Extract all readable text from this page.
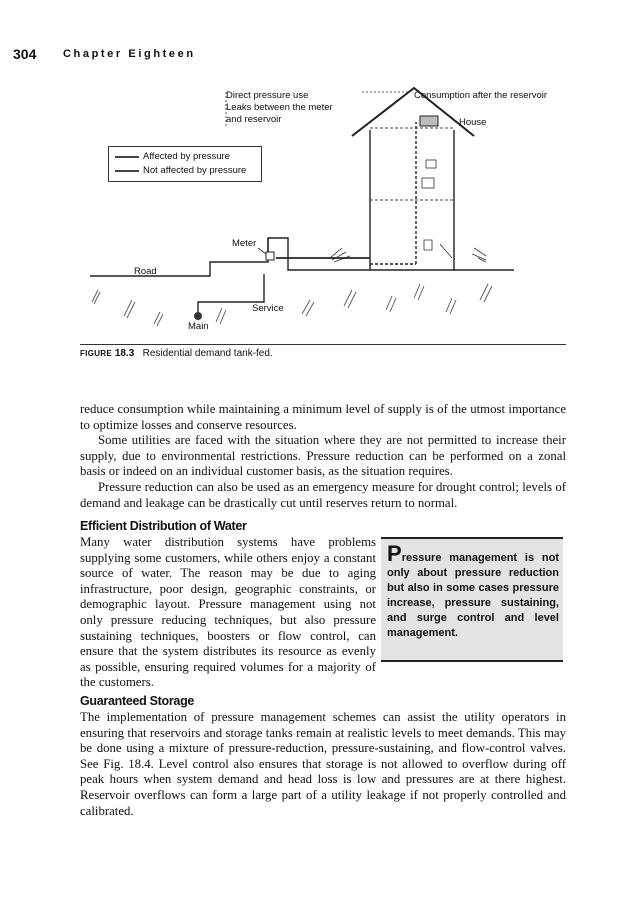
304 Chapter Eighteen
Direct pressure use
Leaks between the meter
and reservoir
Consumption after the reservoir
House
Meter
Road
Service
Main
Affected by pressure
Not affected by pressure
FIGURE 18.3 Residential demand tank-fed.

reduce consumption while maintaining a minimum level of supply is of the utmost importance to optimize losses and conserve resources.

Some utilities are faced with the situation where they are not permitted to increase their supply, due to environmental restrictions. Pressure reduction can be performed on a zonal basis or indeed on an individual customer basis, as the situation requires.

Pressure reduction can also be used as an emergency measure for drought control; levels of demand and leakage can be drastically cut until reserves return to normal.

Efficient Distribution of Water
Many water distribution systems have problems supplying some customers, while others enjoy a constant source of water. The reason may be due to aging infrastructure, poor design, geographic constraints, or demographic layout. Pressure management using not only pressure reducing techniques, but also pressure sustaining techniques, boosters or flow control, can ensure that the system distributes its resource as evenly as possible, ensuring required volumes for a majority of the customers.
Pressure management is not only about pressure reduction but also in some cases pressure increase, pressure sustaining, and surge control and level management.
Guaranteed Storage
The implementation of pressure management schemes can assist the utility operators in ensuring that reservoirs and storage tanks remain at realistic levels to meet demands. This may be done using a mixture of pressure-reduction, pressure-sustaining, and flow-control valves. See Fig. 18.4. Level control also ensures that storage is not allowed to overflow during off peak hours when system demand and head loss is low and pressures are at there highest. Reservoir overflows can form a large part of a utility leakage if not properly controlled and calibrated.
